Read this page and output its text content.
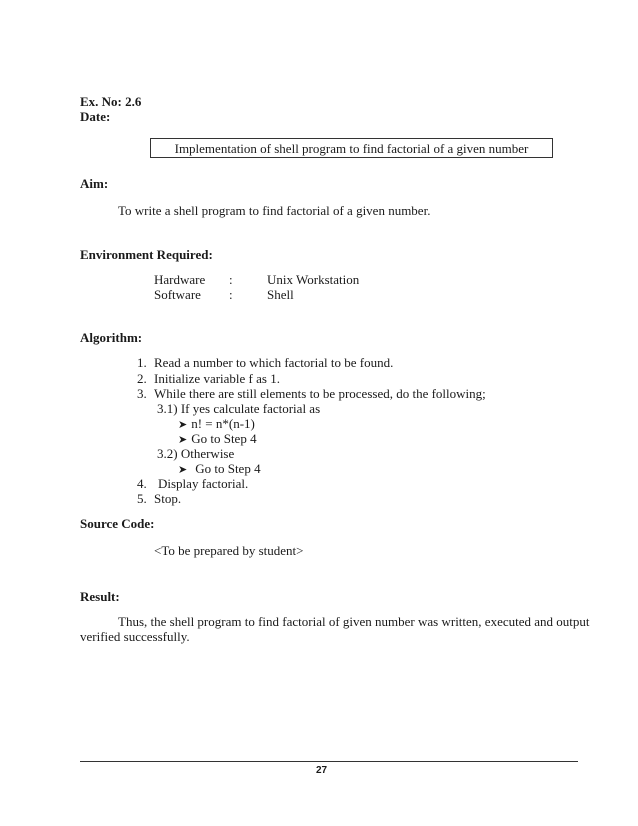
Ex. No: 2.6
Date:
Implementation of shell program to find factorial of a given number
Aim:
To write a shell program to find factorial of a given number.
Environment Required:
Hardware :	Unix Workstation
Software :	Shell
Algorithm:
1. Read a number to which factorial to be found.
2. Initialize variable f as 1.
3. While there are still elements to be processed, do the following;
3.1) If yes calculate factorial as
➤ n! = n*(n-1)
➤ Go to Step 4
3.2) Otherwise
➤ Go to Step 4
4. Display factorial.
5. Stop.
Source Code:
<To be prepared by student>
Result:
Thus, the shell program to find factorial of given number was written, executed and output
verified successfully.
27
